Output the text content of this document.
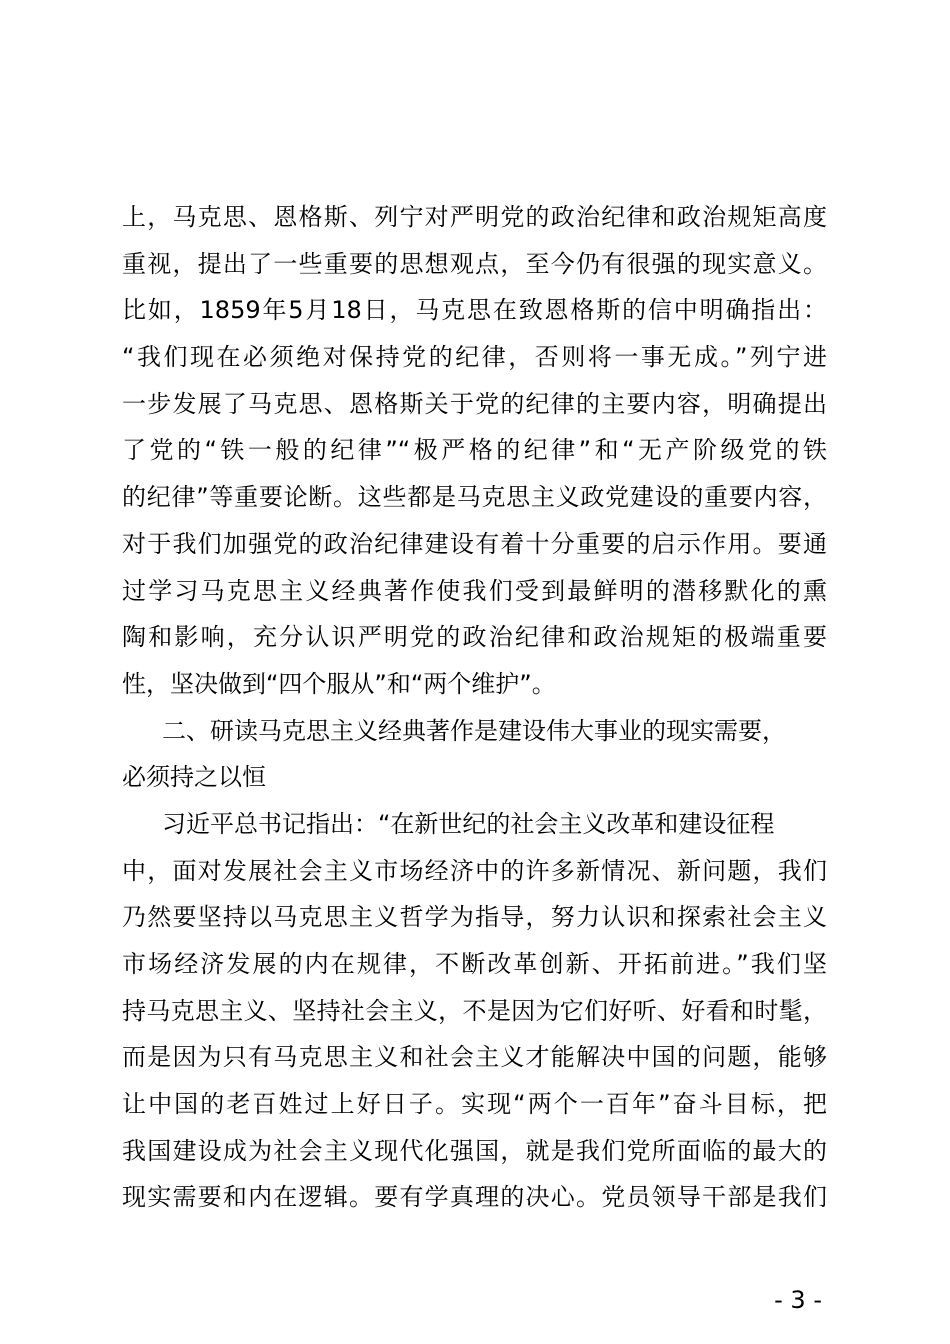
上，马克思、恩格斯、列宁对严明党的政治纪律和政治规矩高度
重视，提出了一些重要的思想观点，至今仍有很强的现实意义。
比如，1859年5月18日，马克思在致恩格斯的信中明确指出：
“我们现在必须绝对保持党的纪律，否则将一事无成。”列宁进
一步发展了马克思、恩格斯关于党的纪律的主要内容，明确提出
了党的“铁一般的纪律”“极严格的纪律”和“无产阶级党的铁
的纪律”等重要论断。这些都是马克思主义政党建设的重要内容，
对于我们加强党的政治纪律建设有着十分重要的启示作用。要通
过学习马克思主义经典著作使我们受到最鲜明的潜移默化的熏
陶和影响，充分认识严明党的政治纪律和政治规矩的极端重要
性，坚决做到“四个服从”和“两个维护”。
二、研读马克思主义经典著作是建设伟大事业的现实需要，
必须持之以恒
习近平总书记指出：“在新世纪的社会主义改革和建设征程
中，面对发展社会主义市场经济中的许多新情况、新问题，我们
乃然要坚持以马克思主义哲学为指导，努力认识和探索社会主义
市场经济发展的内在规律，不断改革创新、开拓前进。”我们坚
持马克思主义、坚持社会主义，不是因为它们好听、好看和时髦，
而是因为只有马克思主义和社会主义才能解决中国的问题，能够
让中国的老百姓过上好日子。实现“两个一百年”奋斗目标，把
我国建设成为社会主义现代化强国，就是我们党所面临的最大的
现实需要和内在逻辑。要有学真理的决心。党员领导干部是我们
- 3 -
